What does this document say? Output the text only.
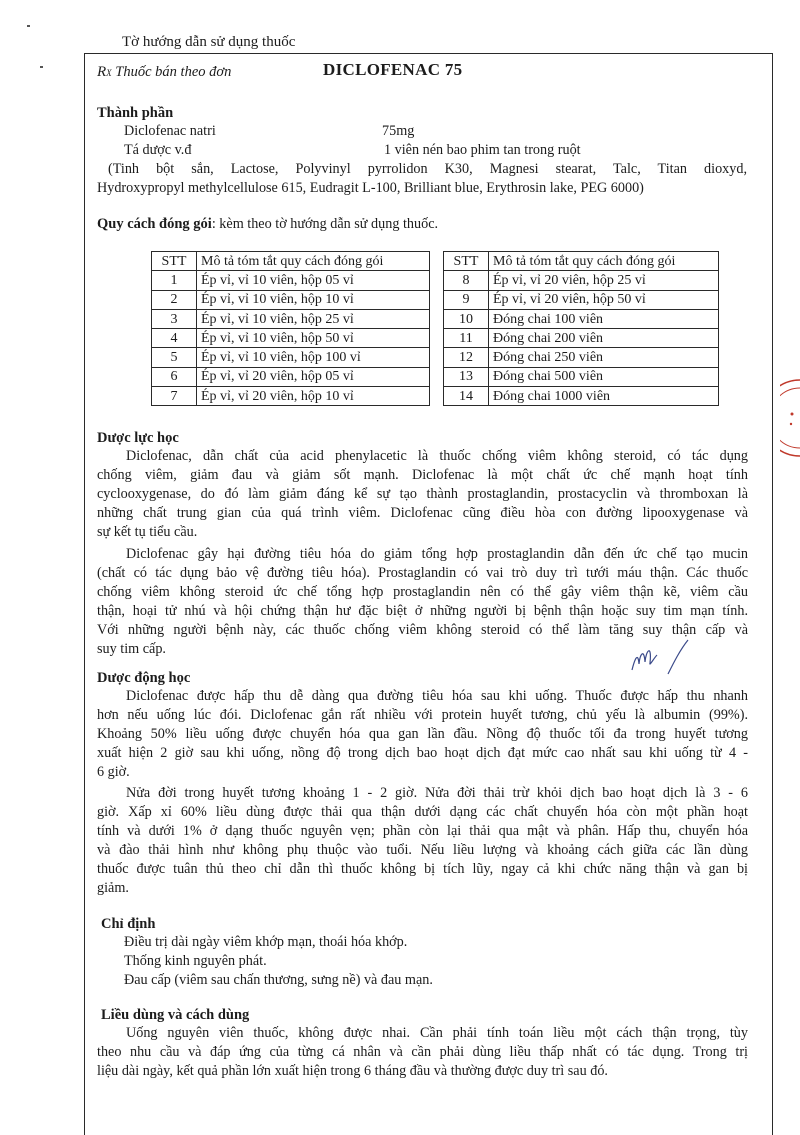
Tờ hướng dẫn sử dụng thuốc
RX Thuốc bán theo đơn	DICLOFENAC 75
Thành phần
Diclofenac natri	75mg
Tá dược v.đ	1 viên nén bao phim tan trong ruột
(Tinh bột sắn, Lactose, Polyvinyl pyrrolidon K30, Magnesi stearat, Talc, Titan dioxyd,
Hydroxypropyl methylcellulose 615, Eudragit L-100, Brilliant blue, Erythrosin lake, PEG 6000)
Quy cách đóng gói: kèm theo tờ hướng dẫn sử dụng thuốc.
STT	Mô tả tóm tắt quy cách đóng gói
1	Ép vỉ, vỉ 10 viên, hộp 05 vỉ
2	Ép vỉ, vỉ 10 viên, hộp 10 vỉ
3	Ép vỉ, vỉ 10 viên, hộp 25 vỉ
4	Ép vỉ, vỉ 10 viên, hộp 50 vỉ
5	Ép vỉ, vỉ 10 viên, hộp 100 vỉ
6	Ép vỉ, vỉ 20 viên, hộp 05 vỉ
7	Ép vỉ, vỉ 20 viên, hộp 10 vỉ
STT	Mô tả tóm tắt quy cách đóng gói
8	Ép vỉ, vỉ 20 viên, hộp 25 vỉ
9	Ép vỉ, vỉ 20 viên, hộp 50 vỉ
10	Đóng chai 100 viên
11	Đóng chai 200 viên
12	Đóng chai 250 viên
13	Đóng chai 500 viên
14	Đóng chai 1000 viên
Dược lực học
Diclofenac, dẫn chất của acid phenylacetic là thuốc chống viêm không steroid, có tác dụng
chống viêm, giảm đau và giảm sốt mạnh. Diclofenac là một chất ức chế mạnh hoạt tính
cyclooxygenase, do đó làm giảm đáng kể sự tạo thành prostaglandin, prostacyclin và thromboxan là
những chất trung gian của quá trình viêm. Diclofenac cũng điều hòa con đường lipooxygenase và
sự kết tụ tiểu cầu.
Diclofenac gây hại đường tiêu hóa do giảm tổng hợp prostaglandin dẫn đến ức chế tạo mucin
(chất có tác dụng bảo vệ đường tiêu hóa). Prostaglandin có vai trò duy trì tưới máu thận. Các thuốc
chống viêm không steroid ức chế tổng hợp prostaglandin nên có thể gây viêm thận kẽ, viêm cầu
thận, hoại tử nhú và hội chứng thận hư đặc biệt ở những người bị bệnh thận hoặc suy tim mạn tính.
Với những người bệnh này, các thuốc chống viêm không steroid có thể làm tăng suy thận cấp và
suy tim cấp.
Dược động học
Diclofenac được hấp thu dễ dàng qua đường tiêu hóa sau khi uống. Thuốc được hấp thu nhanh
hơn nếu uống lúc đói. Diclofenac gắn rất nhiều với protein huyết tương, chủ yếu là albumin (99%).
Khoảng 50% liều uống được chuyển hóa qua gan lần đầu. Nồng độ thuốc tối đa trong huyết tương
xuất hiện 2 giờ sau khi uống, nồng độ trong dịch bao hoạt dịch đạt mức cao nhất sau khi uống từ 4 -
6 giờ.
Nửa đời trong huyết tương khoảng 1 - 2 giờ. Nửa đời thải trừ khỏi dịch bao hoạt dịch là 3 - 6
giờ. Xấp xỉ 60% liều dùng được thải qua thận dưới dạng các chất chuyển hóa còn một phần hoạt
tính và dưới 1% ở dạng thuốc nguyên vẹn; phần còn lại thải qua mật và phân. Hấp thu, chuyển hóa
và đào thải hình như không phụ thuộc vào tuổi. Nếu liều lượng và khoảng cách giữa các lần dùng
thuốc được tuân thủ theo chỉ dẫn thì thuốc không bị tích lũy, ngay cả khi chức năng thận và gan bị
giảm.
Chỉ định
Điều trị dài ngày viêm khớp mạn, thoái hóa khớp.
Thống kinh nguyên phát.
Đau cấp (viêm sau chấn thương, sưng nề) và đau mạn.
Liều dùng và cách dùng
Uống nguyên viên thuốc, không được nhai. Cần phải tính toán liều một cách thận trọng, tùy
theo nhu cầu và đáp ứng của từng cá nhân và cần phải dùng liều thấp nhất có tác dụng. Trong trị
liệu dài ngày, kết quả phần lớn xuất hiện trong 6 tháng đầu và thường được duy trì sau đó.
